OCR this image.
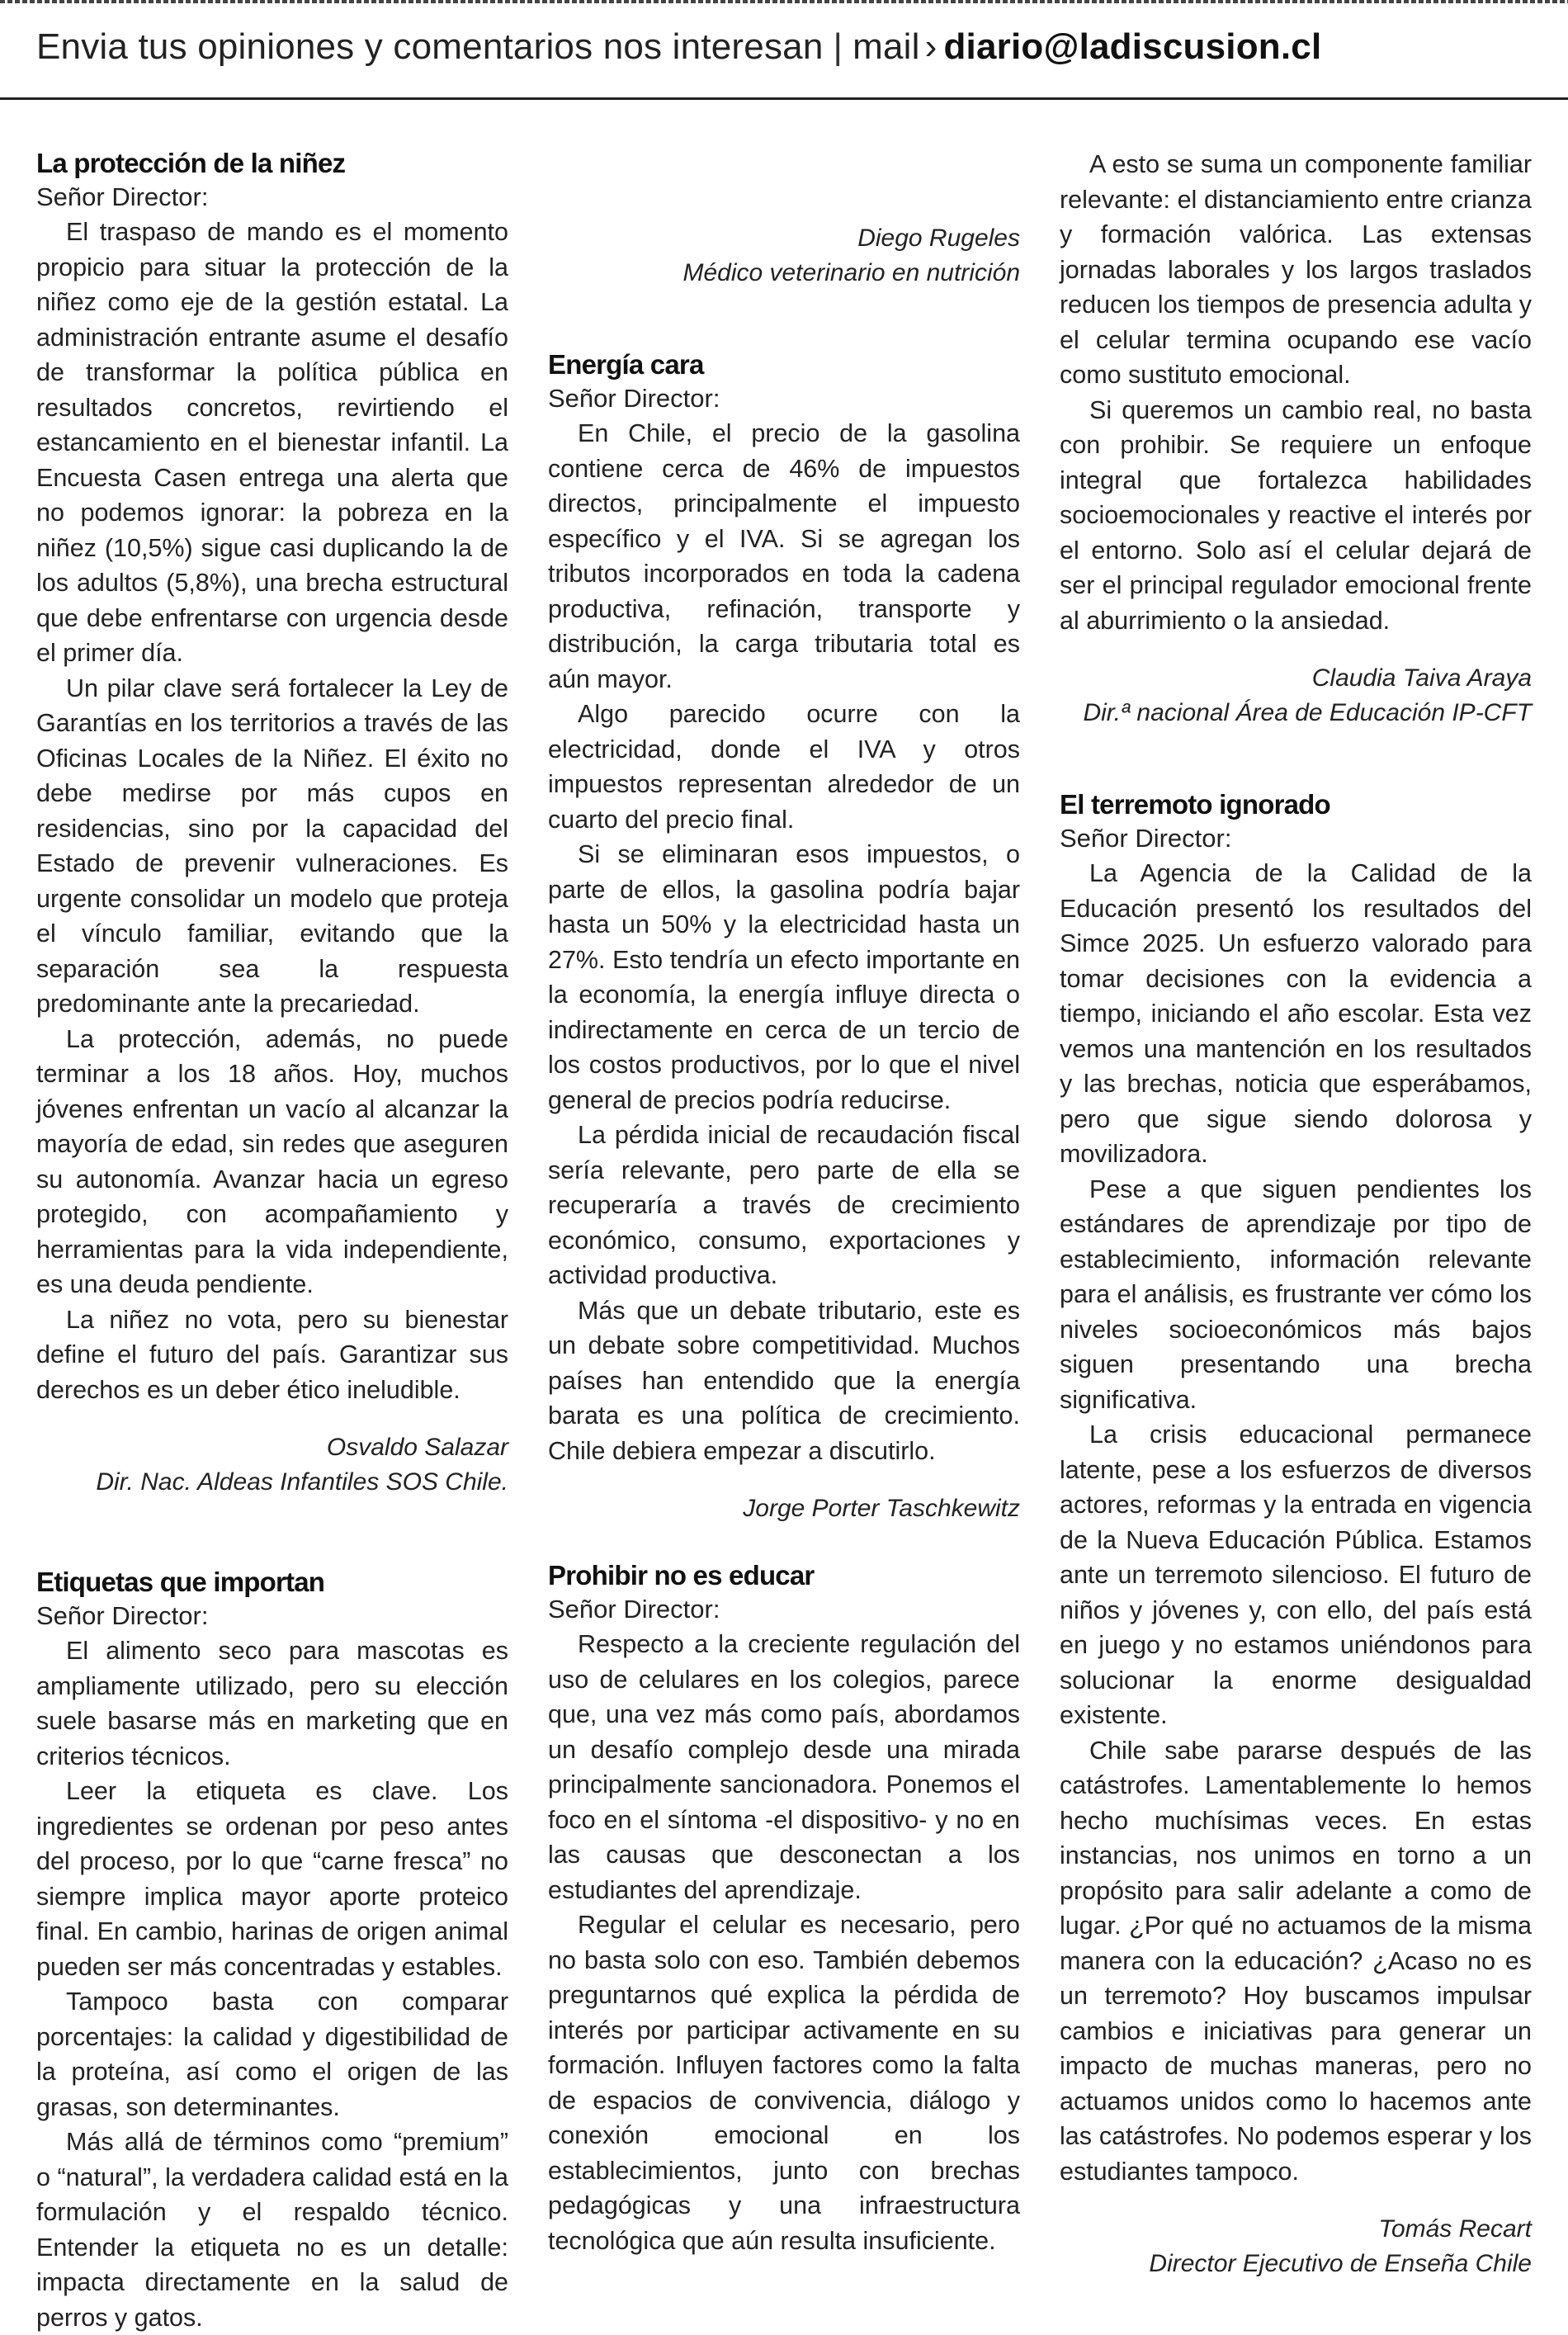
Envia tus opiniones y comentarios nos interesan | mail › diario@ladiscusion.cl
La protección de la niñez
Señor Director:

El traspaso de mando es el momento propicio para situar la protección de la niñez como eje de la gestión estatal. La administración entrante asume el desafío de transformar la política pública en resultados concretos, revirtiendo el estancamiento en el bienestar infantil. La Encuesta Casen entrega una alerta que no podemos ignorar: la pobreza en la niñez (10,5%) sigue casi duplicando la de los adultos (5,8%), una brecha estructural que debe enfrentarse con urgencia desde el primer día.

Un pilar clave será fortalecer la Ley de Garantías en los territorios a través de las Oficinas Locales de la Niñez. El éxito no debe medirse por más cupos en residencias, sino por la capacidad del Estado de prevenir vulneraciones. Es urgente consolidar un modelo que proteja el vínculo familiar, evitando que la separación sea la respuesta predominante ante la precariedad.

La protección, además, no puede terminar a los 18 años. Hoy, muchos jóvenes enfrentan un vacío al alcanzar la mayoría de edad, sin redes que aseguren su autonomía. Avanzar hacia un egreso protegido, con acompañamiento y herramientas para la vida independiente, es una deuda pendiente.

La niñez no vota, pero su bienestar define el futuro del país. Garantizar sus derechos es un deber ético ineludible.

Osvaldo Salazar
Dir. Nac. Aldeas Infantiles SOS Chile.
Etiquetas que importan
Señor Director:

El alimento seco para mascotas es ampliamente utilizado, pero su elección suele basarse más en marketing que en criterios técnicos.

Leer la etiqueta es clave. Los ingredientes se ordenan por peso antes del proceso, por lo que “carne fresca” no siempre implica mayor aporte proteico final. En cambio, harinas de origen animal pueden ser más concentradas y estables.

Tampoco basta con comparar porcentajes: la calidad y digestibilidad de la proteína, así como el origen de las grasas, son determinantes.

Más allá de términos como “premium” o “natural”, la verdadera calidad está en la formulación y el respaldo técnico. Entender la etiqueta no es un detalle: impacta directamente en la salud de perros y gatos.

Diego Rugeles
Médico veterinario en nutrición
Energía cara
Señor Director:

En Chile, el precio de la gasolina contiene cerca de 46% de impuestos directos, principalmente el impuesto específico y el IVA. Si se agregan los tributos incorporados en toda la cadena productiva, refinación, transporte y distribución, la carga tributaria total es aún mayor.

Algo parecido ocurre con la electricidad, donde el IVA y otros impuestos representan alrededor de un cuarto del precio final.

Si se eliminaran esos impuestos, o parte de ellos, la gasolina podría bajar hasta un 50% y la electricidad hasta un 27%. Esto tendría un efecto importante en la economía, la energía influye directa o indirectamente en cerca de un tercio de los costos productivos, por lo que el nivel general de precios podría reducirse.

La pérdida inicial de recaudación fiscal sería relevante, pero parte de ella se recuperaría a través de crecimiento económico, consumo, exportaciones y actividad productiva.

Más que un debate tributario, este es un debate sobre competitividad. Muchos países han entendido que la energía barata es una política de crecimiento. Chile debiera empezar a discutirlo.

Jorge Porter Taschkewitz
Prohibir no es educar
Señor Director:

Respecto a la creciente regulación del uso de celulares en los colegios, parece que, una vez más como país, abordamos un desafío complejo desde una mirada principalmente sancionadora. Ponemos el foco en el síntoma -el dispositivo- y no en las causas que desconectan a los estudiantes del aprendizaje.

Regular el celular es necesario, pero no basta solo con eso. También debemos preguntarnos qué explica la pérdida de interés por participar activamente en su formación. Influyen factores como la falta de espacios de convivencia, diálogo y conexión emocional en los establecimientos, junto con brechas pedagógicas y una infraestructura tecnológica que aún resulta insuficiente.

A esto se suma un componente familiar relevante: el distanciamiento entre crianza y formación valórica. Las extensas jornadas laborales y los largos traslados reducen los tiempos de presencia adulta y el celular termina ocupando ese vacío como sustituto emocional.

Si queremos un cambio real, no basta con prohibir. Se requiere un enfoque integral que fortalezca habilidades socioemocionales y reactive el interés por el entorno. Solo así el celular dejará de ser el principal regulador emocional frente al aburrimiento o la ansiedad.

Claudia Taiva Araya
Dir.ª nacional Área de Educación IP-CFT
El terremoto ignorado
Señor Director:

La Agencia de la Calidad de la Educación presentó los resultados del Simce 2025. Un esfuerzo valorado para tomar decisiones con la evidencia a tiempo, iniciando el año escolar. Esta vez vemos una mantención en los resultados y las brechas, noticia que esperábamos, pero que sigue siendo dolorosa y movilizadora.

Pese a que siguen pendientes los estándares de aprendizaje por tipo de establecimiento, información relevante para el análisis, es frustrante ver cómo los niveles socioeconómicos más bajos siguen presentando una brecha significativa.

La crisis educacional permanece latente, pese a los esfuerzos de diversos actores, reformas y la entrada en vigencia de la Nueva Educación Pública. Estamos ante un terremoto silencioso. El futuro de niños y jóvenes y, con ello, del país está en juego y no estamos uniéndonos para solucionar la enorme desigualdad existente.

Chile sabe pararse después de las catástrofes. Lamentablemente lo hemos hecho muchísimas veces. En estas instancias, nos unimos en torno a un propósito para salir adelante a como de lugar. ¿Por qué no actuamos de la misma manera con la educación? ¿Acaso no es un terremoto? Hoy buscamos impulsar cambios e iniciativas para generar un impacto de muchas maneras, pero no actuamos unidos como lo hacemos ante las catástrofes. No podemos esperar y los estudiantes tampoco.

Tomás Recart
Director Ejecutivo de Enseña Chile
